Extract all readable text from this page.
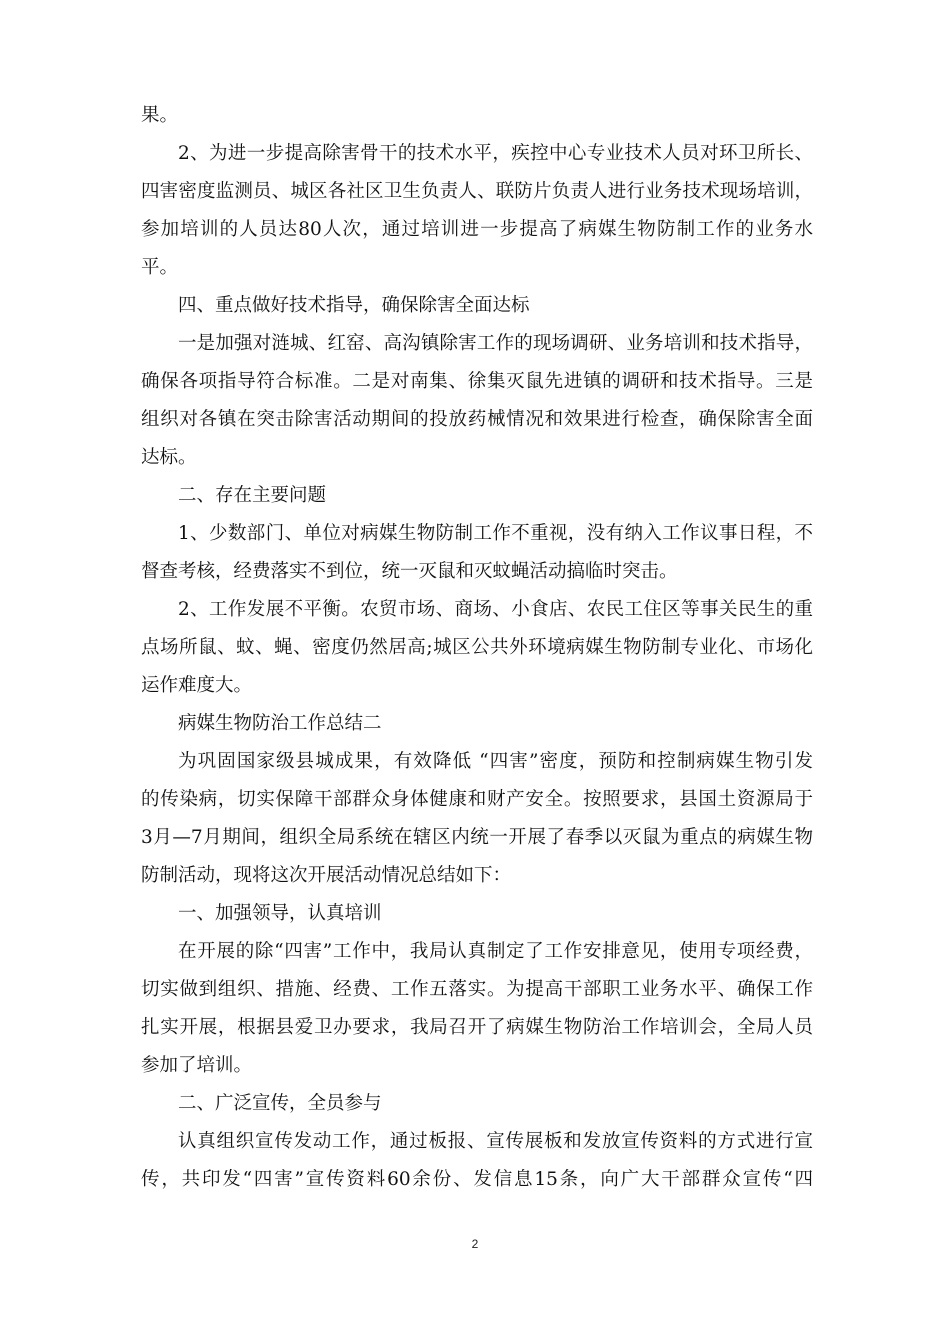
果。
2、为进一步提高除害骨干的技术水平，疾控中心专业技术人员对环卫所长、
四害密度监测员、城区各社区卫生负责人、联防片负责人进行业务技术现场培训，
参加培训的人员达80人次，通过培训进一步提高了病媒生物防制工作的业务水
平。
四、重点做好技术指导，确保除害全面达标
一是加强对涟城、红窑、高沟镇除害工作的现场调研、业务培训和技术指导，
确保各项指导符合标准。二是对南集、徐集灭鼠先进镇的调研和技术指导。三是
组织对各镇在突击除害活动期间的投放药械情况和效果进行检查，确保除害全面
达标。
二、存在主要问题
1、少数部门、单位对病媒生物防制工作不重视，没有纳入工作议事日程，不
督查考核，经费落实不到位，统一灭鼠和灭蚊蝇活动搞临时突击。
2、工作发展不平衡。农贸市场、商场、小食店、农民工住区等事关民生的重
点场所鼠、蚊、蝇、密度仍然居高;城区公共外环境病媒生物防制专业化、市场化
运作难度大。
病媒生物防治工作总结二
为巩固国家级县城成果，有效降低 “四害”密度，预防和控制病媒生物引发
的传染病，切实保障干部群众身体健康和财产安全。按照要求，县国土资源局于
3月—7月期间，组织全局系统在辖区内统一开展了春季以灭鼠为重点的病媒生物
防制活动，现将这次开展活动情况总结如下：
一、加强领导，认真培训
在开展的除“四害”工作中，我局认真制定了工作安排意见，使用专项经费，
切实做到组织、措施、经费、工作五落实。为提高干部职工业务水平、确保工作
扎实开展，根据县爱卫办要求，我局召开了病媒生物防治工作培训会，全局人员
参加了培训。
二、广泛宣传，全员参与
认真组织宣传发动工作，通过板报、宣传展板和发放宣传资料的方式进行宣
传，共印发“四害”宣传资料60余份、发信息15条，向广大干部群众宣传“四
2
